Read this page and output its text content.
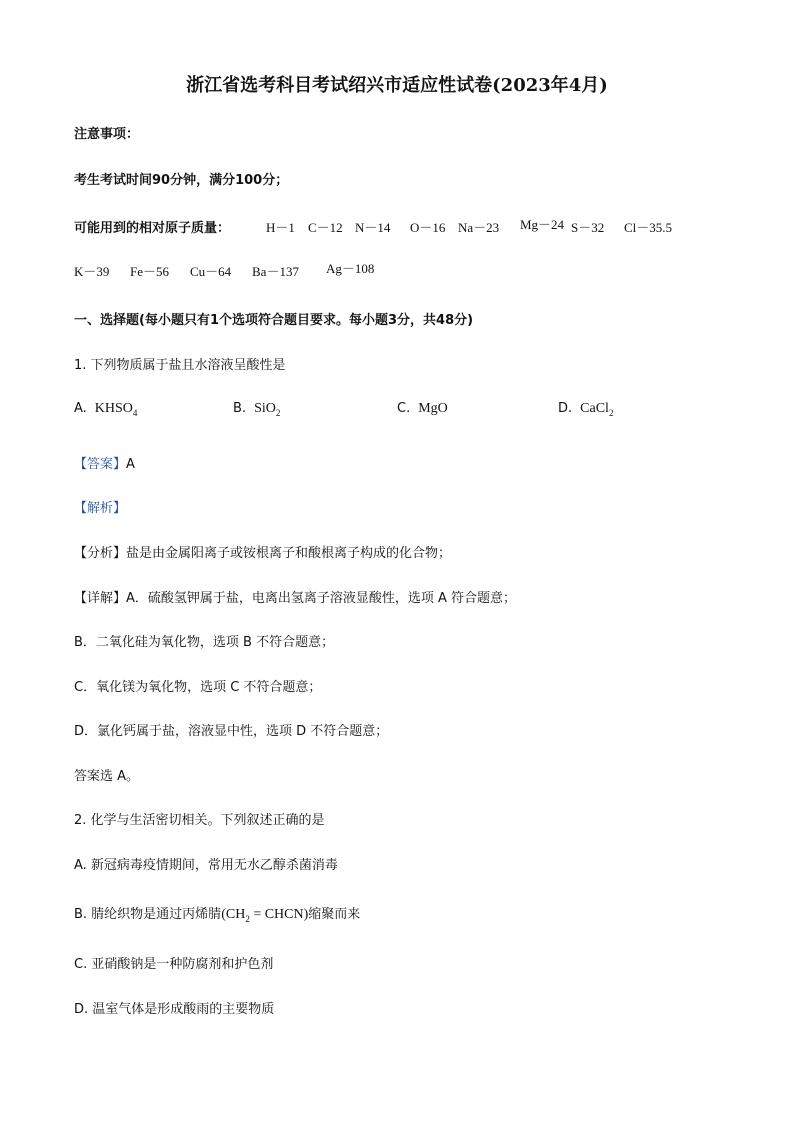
浙江省选考科目考试绍兴市适应性试卷(2023年4月)
注意事项：
考生考试时间90分钟，满分100分；
可能用到的相对原子质量：	H－1 C－12 N－14 O－16 Na－23 Mg－24 S－32 Cl－35.5
K－39 Fe－56 Cu－64 Ba－137 Ag－108
一、选择题(每小题只有1个选项符合题目要求。每小题3分，共48分)
1. 下列物质属于盐且水溶液呈酸性是
A. $KHSO_4$	B. SiO$_2$	C. MgO	D. CaCl$_2$
【答案】A
【解析】
【分析】盐是由金属阳离子或铵根离子和酸根离子构成的化合物；
【详解】A．硫酸氢钾属于盐，电离出氢离子溶液显酸性，选项 A 符合题意；
B．二氧化硅为氧化物，选项 B 不符合题意；
C．氧化镁为氧化物，选项 C 不符合题意；
D．氯化钙属于盐，溶液显中性，选项 D 不符合题意；
答案选 A。
2. 化学与生活密切相关。下列叙述正确的是
A. 新冠病毒疫情期间，常用无水乙醇杀菌消毒
B. 腈纶织物是通过丙烯腈($CH_2$ = CHCN)缩聚而来
C. 亚硝酸钠是一种防腐剂和护色剂
D. 温室气体是形成酸雨的主要物质
